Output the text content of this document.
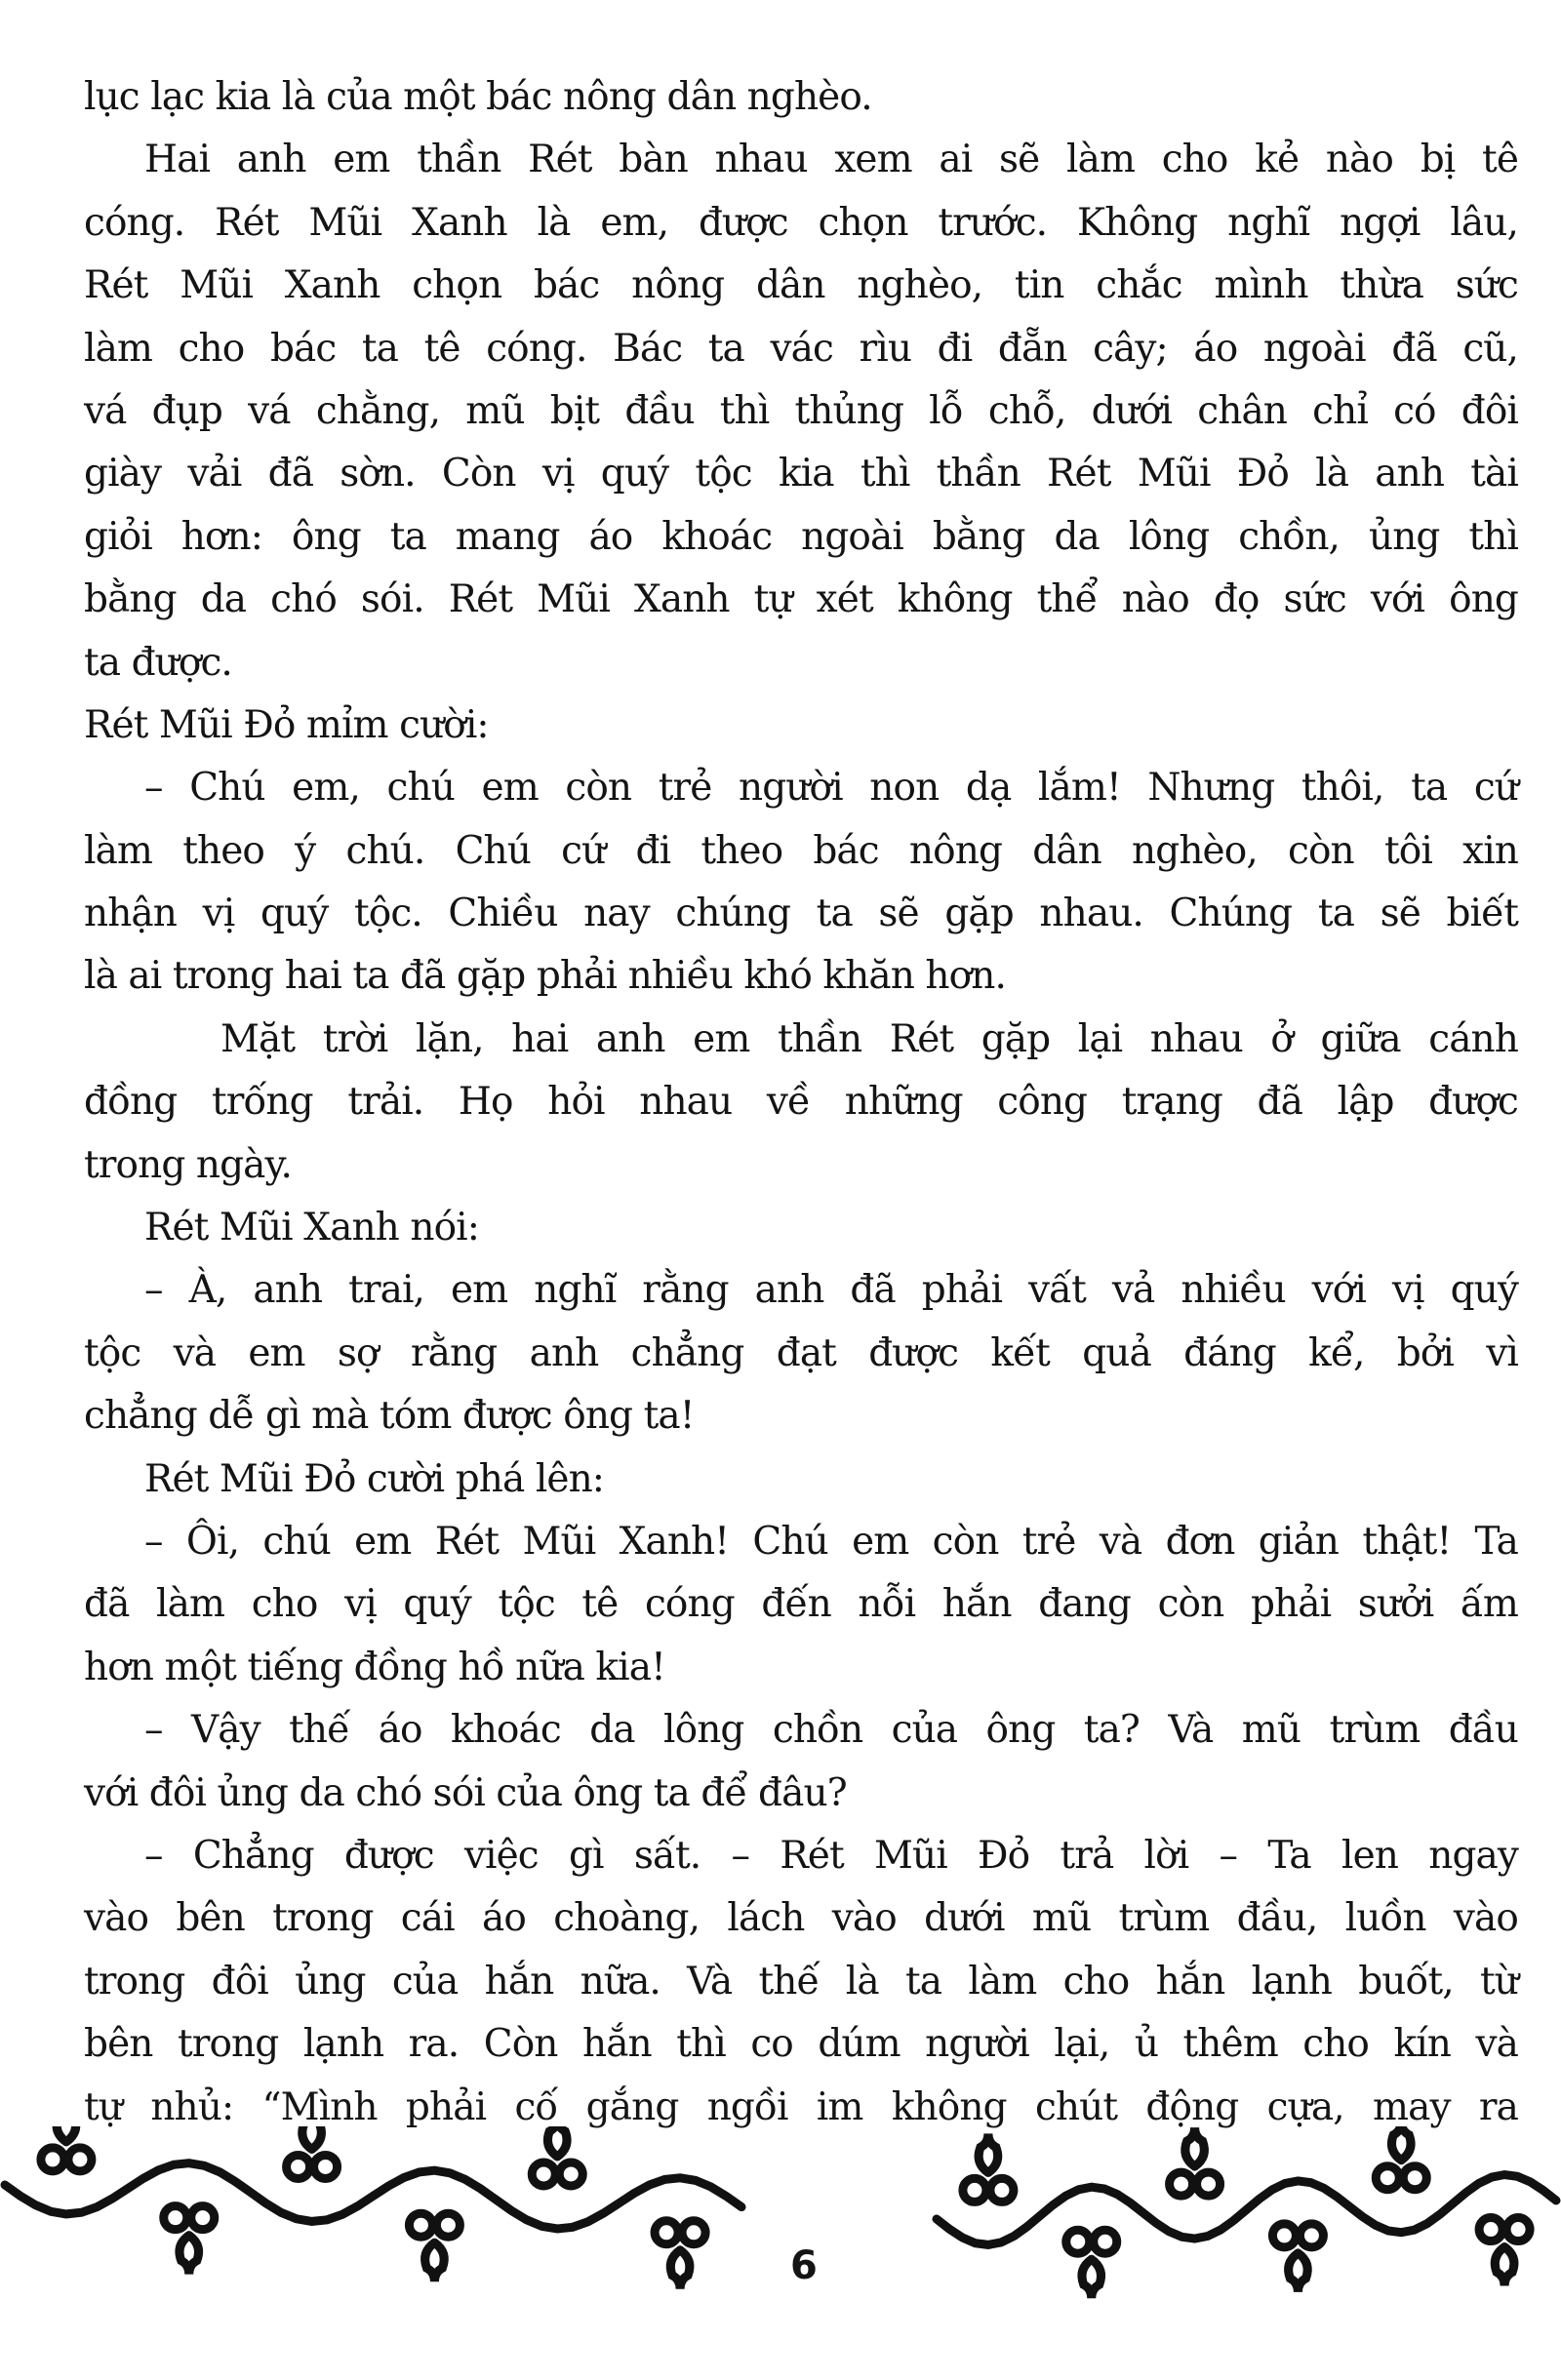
lục lạc kia là của một bác nông dân nghèo.
Hai anh em thần Rét bàn nhau xem ai sẽ làm cho kẻ nào bị tê
cóng. Rét Mũi Xanh là em, được chọn trước. Không nghĩ ngợi lâu,
Rét Mũi Xanh chọn bác nông dân nghèo, tin chắc mình thừa sức
làm cho bác ta tê cóng. Bác ta vác rìu đi đẵn cây; áo ngoài đã cũ,
vá đụp vá chằng, mũ bịt đầu thì thủng lỗ chỗ, dưới chân chỉ có đôi
giày vải đã sờn. Còn vị quý tộc kia thì thần Rét Mũi Đỏ là anh tài
giỏi hơn: ông ta mang áo khoác ngoài bằng da lông chồn, ủng thì
bằng da chó sói. Rét Mũi Xanh tự xét không thể nào đọ sức với ông
ta được.
Rét Mũi Đỏ mỉm cười:
– Chú em, chú em còn trẻ người non dạ lắm! Nhưng thôi, ta cứ
làm theo ý chú. Chú cứ đi theo bác nông dân nghèo, còn tôi xin
nhận vị quý tộc. Chiều nay chúng ta sẽ gặp nhau. Chúng ta sẽ biết
là ai trong hai ta đã gặp phải nhiều khó khăn hơn.
Mặt trời lặn, hai anh em thần Rét gặp lại nhau ở giữa cánh
đồng trống trải. Họ hỏi nhau về những công trạng đã lập được
trong ngày.
Rét Mũi Xanh nói:
– À, anh trai, em nghĩ rằng anh đã phải vất vả nhiều với vị quý
tộc và em sợ rằng anh chẳng đạt được kết quả đáng kể, bởi vì
chẳng dễ gì mà tóm được ông ta!
Rét Mũi Đỏ cười phá lên:
– Ôi, chú em Rét Mũi Xanh! Chú em còn trẻ và đơn giản thật! Ta
đã làm cho vị quý tộc tê cóng đến nỗi hắn đang còn phải sưởi ấm
hơn một tiếng đồng hồ nữa kia!
– Vậy thế áo khoác da lông chồn của ông ta? Và mũ trùm đầu
với đôi ủng da chó sói của ông ta để đâu?
– Chẳng được việc gì sất. – Rét Mũi Đỏ trả lời – Ta len ngay
vào bên trong cái áo choàng, lách vào dưới mũ trùm đầu, luồn vào
trong đôi ủng của hắn nữa. Và thế là ta làm cho hắn lạnh buốt, từ
bên trong lạnh ra. Còn hắn thì co dúm người lại, ủ thêm cho kín và
tự nhủ: “Mình phải cố gắng ngồi im không chút động cựa, may ra
6
